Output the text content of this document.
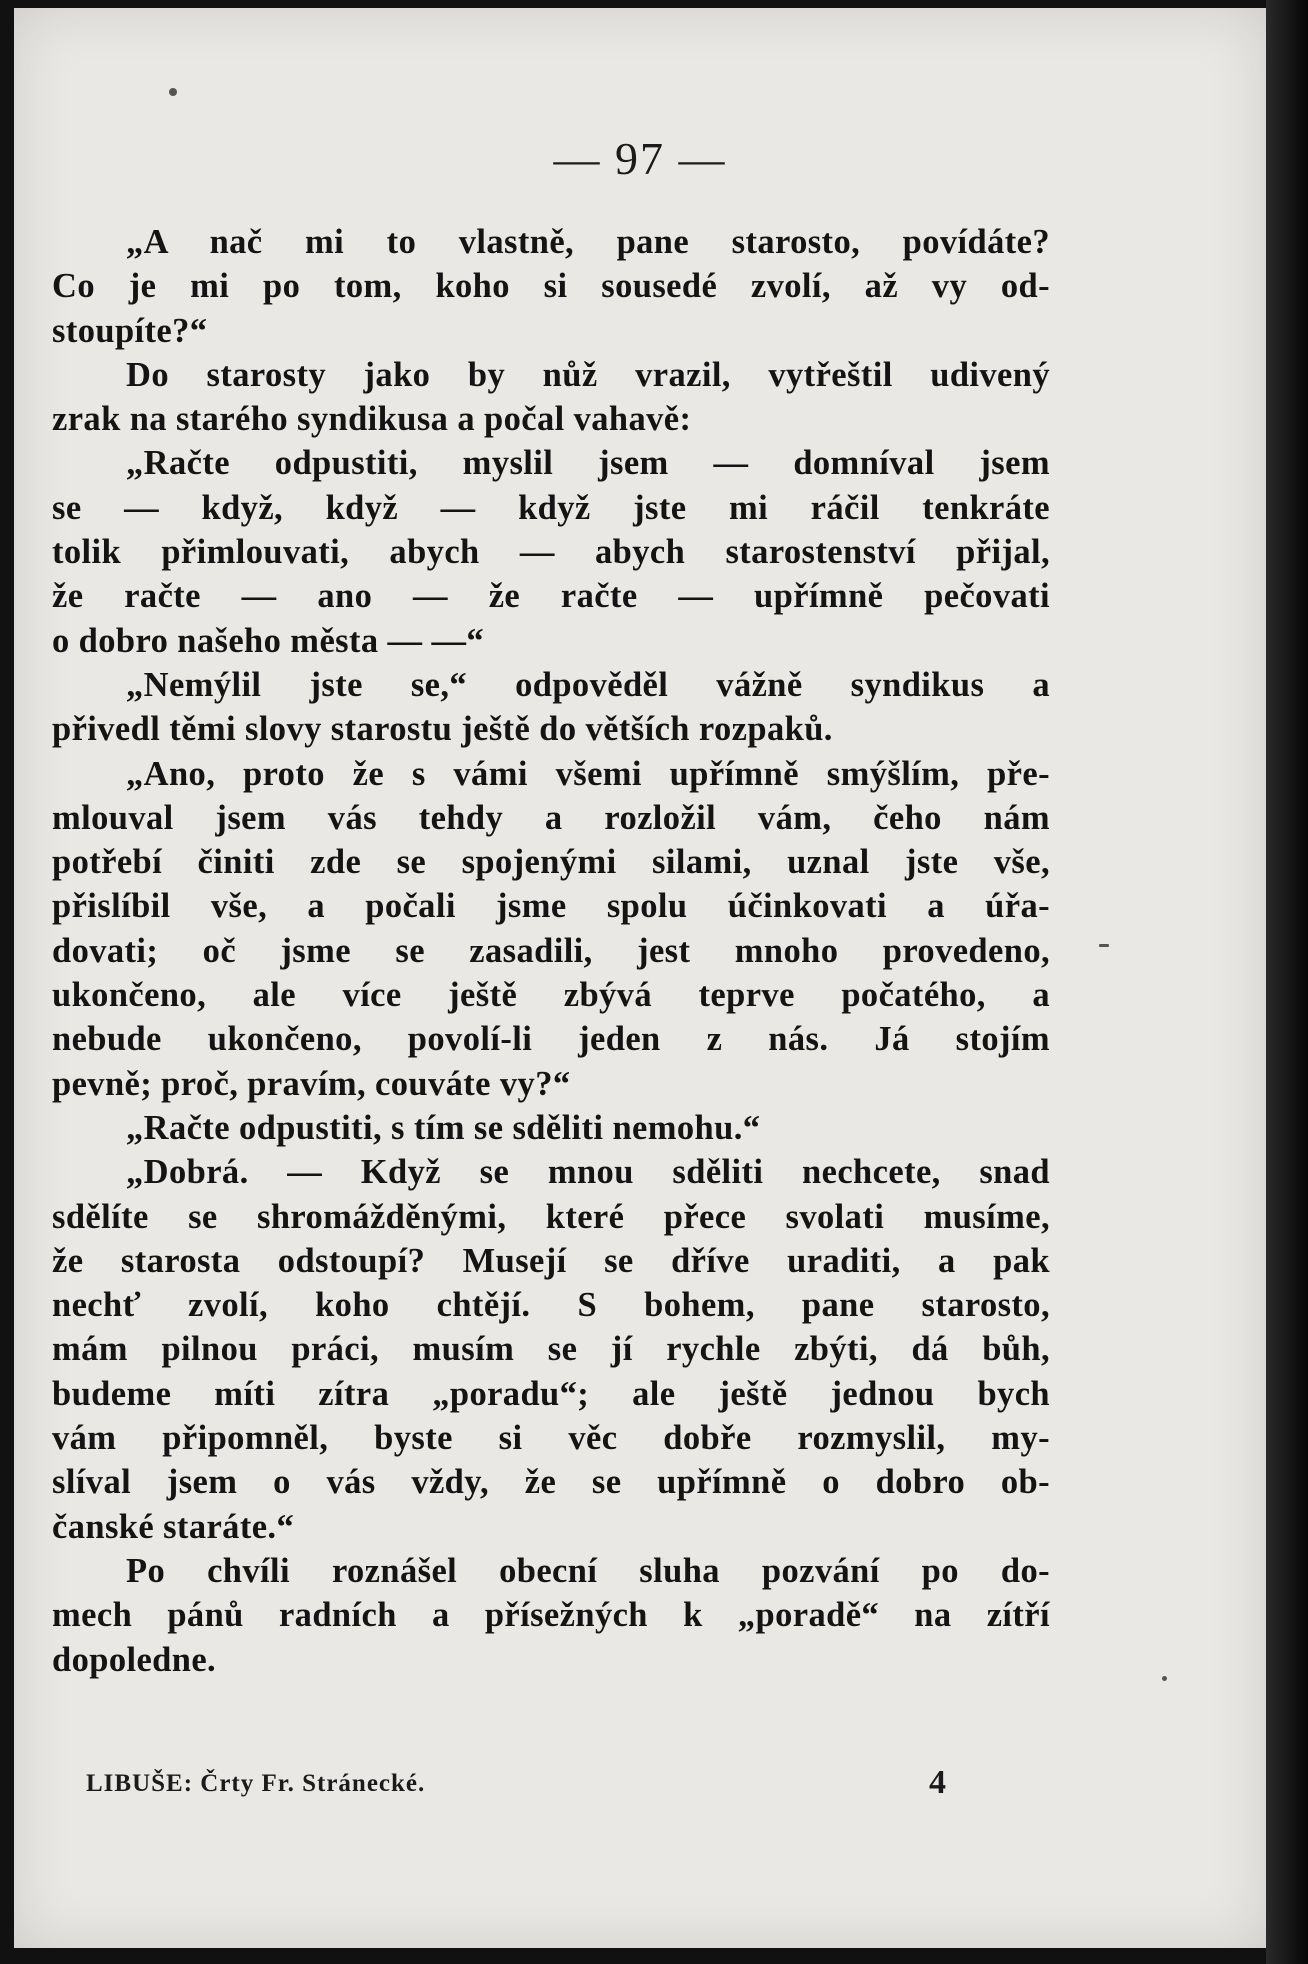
— 97 —
„A nač mi to vlastně, pane starosto, povídáte?
Co je mi po tom, koho si sousedé zvolí, až vy od-
stoupíte?“
Do starosty jako by nůž vrazil, vytřeštil udivený
zrak na starého syndikusa a počal vahavě:
„Račte odpustiti, myslil jsem — domníval jsem
se — když, když — když jste mi ráčil tenkráte
tolik přimlouvati, abych — abych starostenství přijal,
že račte — ano — že račte — upřímně pečovati
o dobro našeho města — —“
„Nemýlil jste se,“ odpověděl vážně syndikus a
přivedl těmi slovy starostu ještě do větších rozpaků.
„Ano, proto že s vámi všemi upřímně smýšlím, pře-
mlouval jsem vás tehdy a rozložil vám, čeho nám
potřebí činiti zde se spojenými silami, uznal jste vše,
přislíbil vše, a počali jsme spolu účinkovati a úřa-
dovati; oč jsme se zasadili, jest mnoho provedeno,
ukončeno, ale více ještě zbývá teprve počatého, a
nebude ukončeno, povolí-li jeden z nás. Já stojím
pevně; proč, pravím, couváte vy?“
„Račte odpustiti, s tím se sděliti nemohu.“
„Dobrá. — Když se mnou sděliti nechcete, snad
sdělíte se shromážděnými, které přece svolati musíme,
že starosta odstoupí? Musejí se dříve uraditi, a pak
nechť zvolí, koho chtějí. S bohem, pane starosto,
mám pilnou práci, musím se jí rychle zbýti, dá bůh,
budeme míti zítra „poradu“; ale ještě jednou bych
vám připomněl, byste si věc dobře rozmyslil, my-
slíval jsem o vás vždy, že se upřímně o dobro ob-
čanské staráte.“
Po chvíli roznášel obecní sluha pozvání po do-
mech pánů radních a přísežných k „poradě“ na zítří
dopoledne.
LIBUŠE: Črty Fr. Stránecké.	4
